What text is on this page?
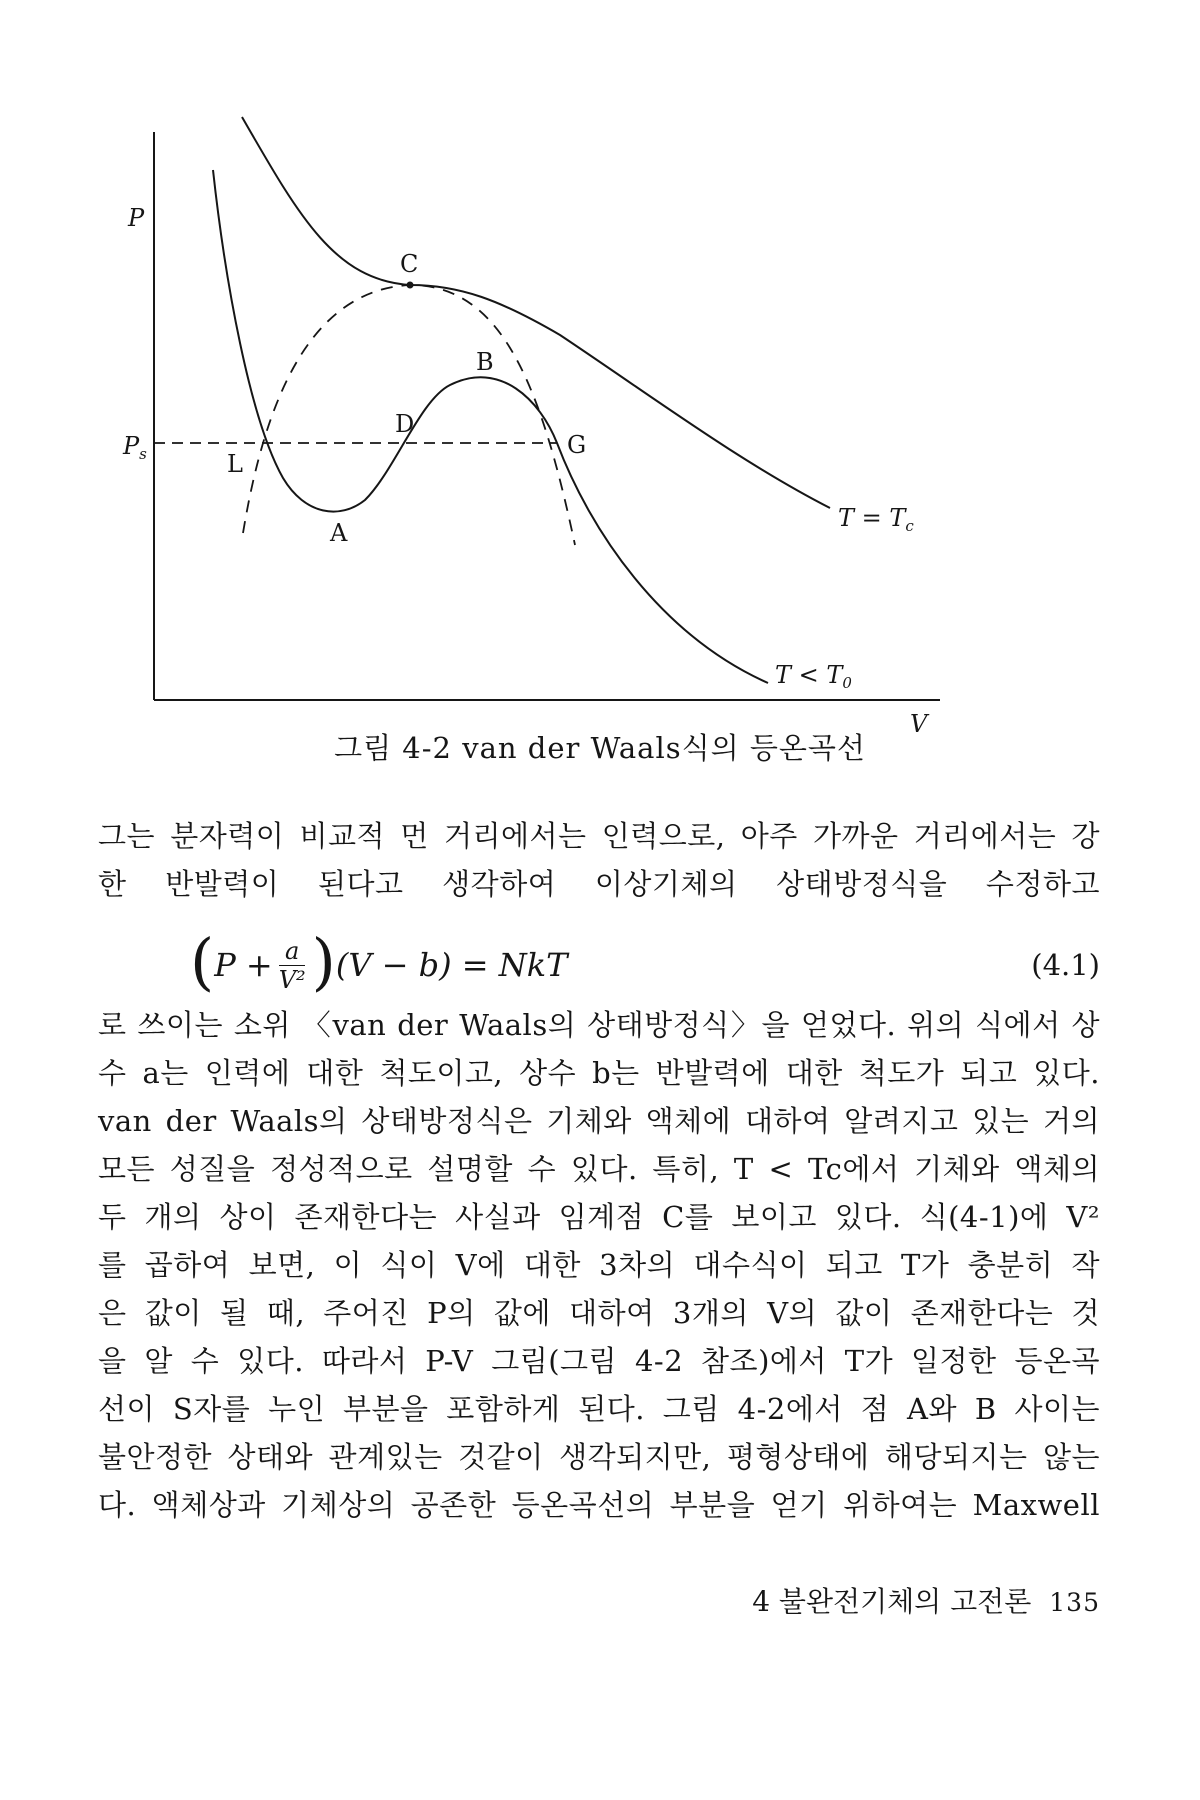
P
V
$P_s$
C
B
D
G
L
A
$T = T_c$
$T < T_0$
그림 4-2 van der Waals식의 등온곡선
그는 분자력이 비교적 먼 거리에서는 인력으로, 아주 가까운 거리에서는 강
한 반발력이 된다고 생각하여 이상기체의 상태방정식을 수정하고
( $P + \frac{a}{\text{V²}}$ ) (V − b) = NkT	(4.1)
로 쓰이는 소위 〈van der Waals의 상태방정식〉을 얻었다. 위의 식에서 상
수 a는 인력에 대한 척도이고, 상수 b는 반발력에 대한 척도가 되고 있다.
van der Waals의 상태방정식은 기체와 액체에 대하여 알려지고 있는 거의
모든 성질을 정성적으로 설명할 수 있다. 특히, T < Tc에서 기체와 액체의
두 개의 상이 존재한다는 사실과 임계점 C를 보이고 있다. 식(4-1)에 V²
를 곱하여 보면, 이 식이 V에 대한 3차의 대수식이 되고 T가 충분히 작
은 값이 될 때, 주어진 P의 값에 대하여 3개의 V의 값이 존재한다는 것
을 알 수 있다. 따라서 P-V 그림(그림 4-2 참조)에서 T가 일정한 등온곡
선이 S자를 누인 부분을 포함하게 된다. 그림 4-2에서 점 A와 B 사이는
불안정한 상태와 관계있는 것같이 생각되지만, 평형상태에 해당되지는 않는
다. 액체상과 기체상의 공존한 등온곡선의 부분을 얻기 위하여는 Maxwell
4 불완전기체의 고전론 135
